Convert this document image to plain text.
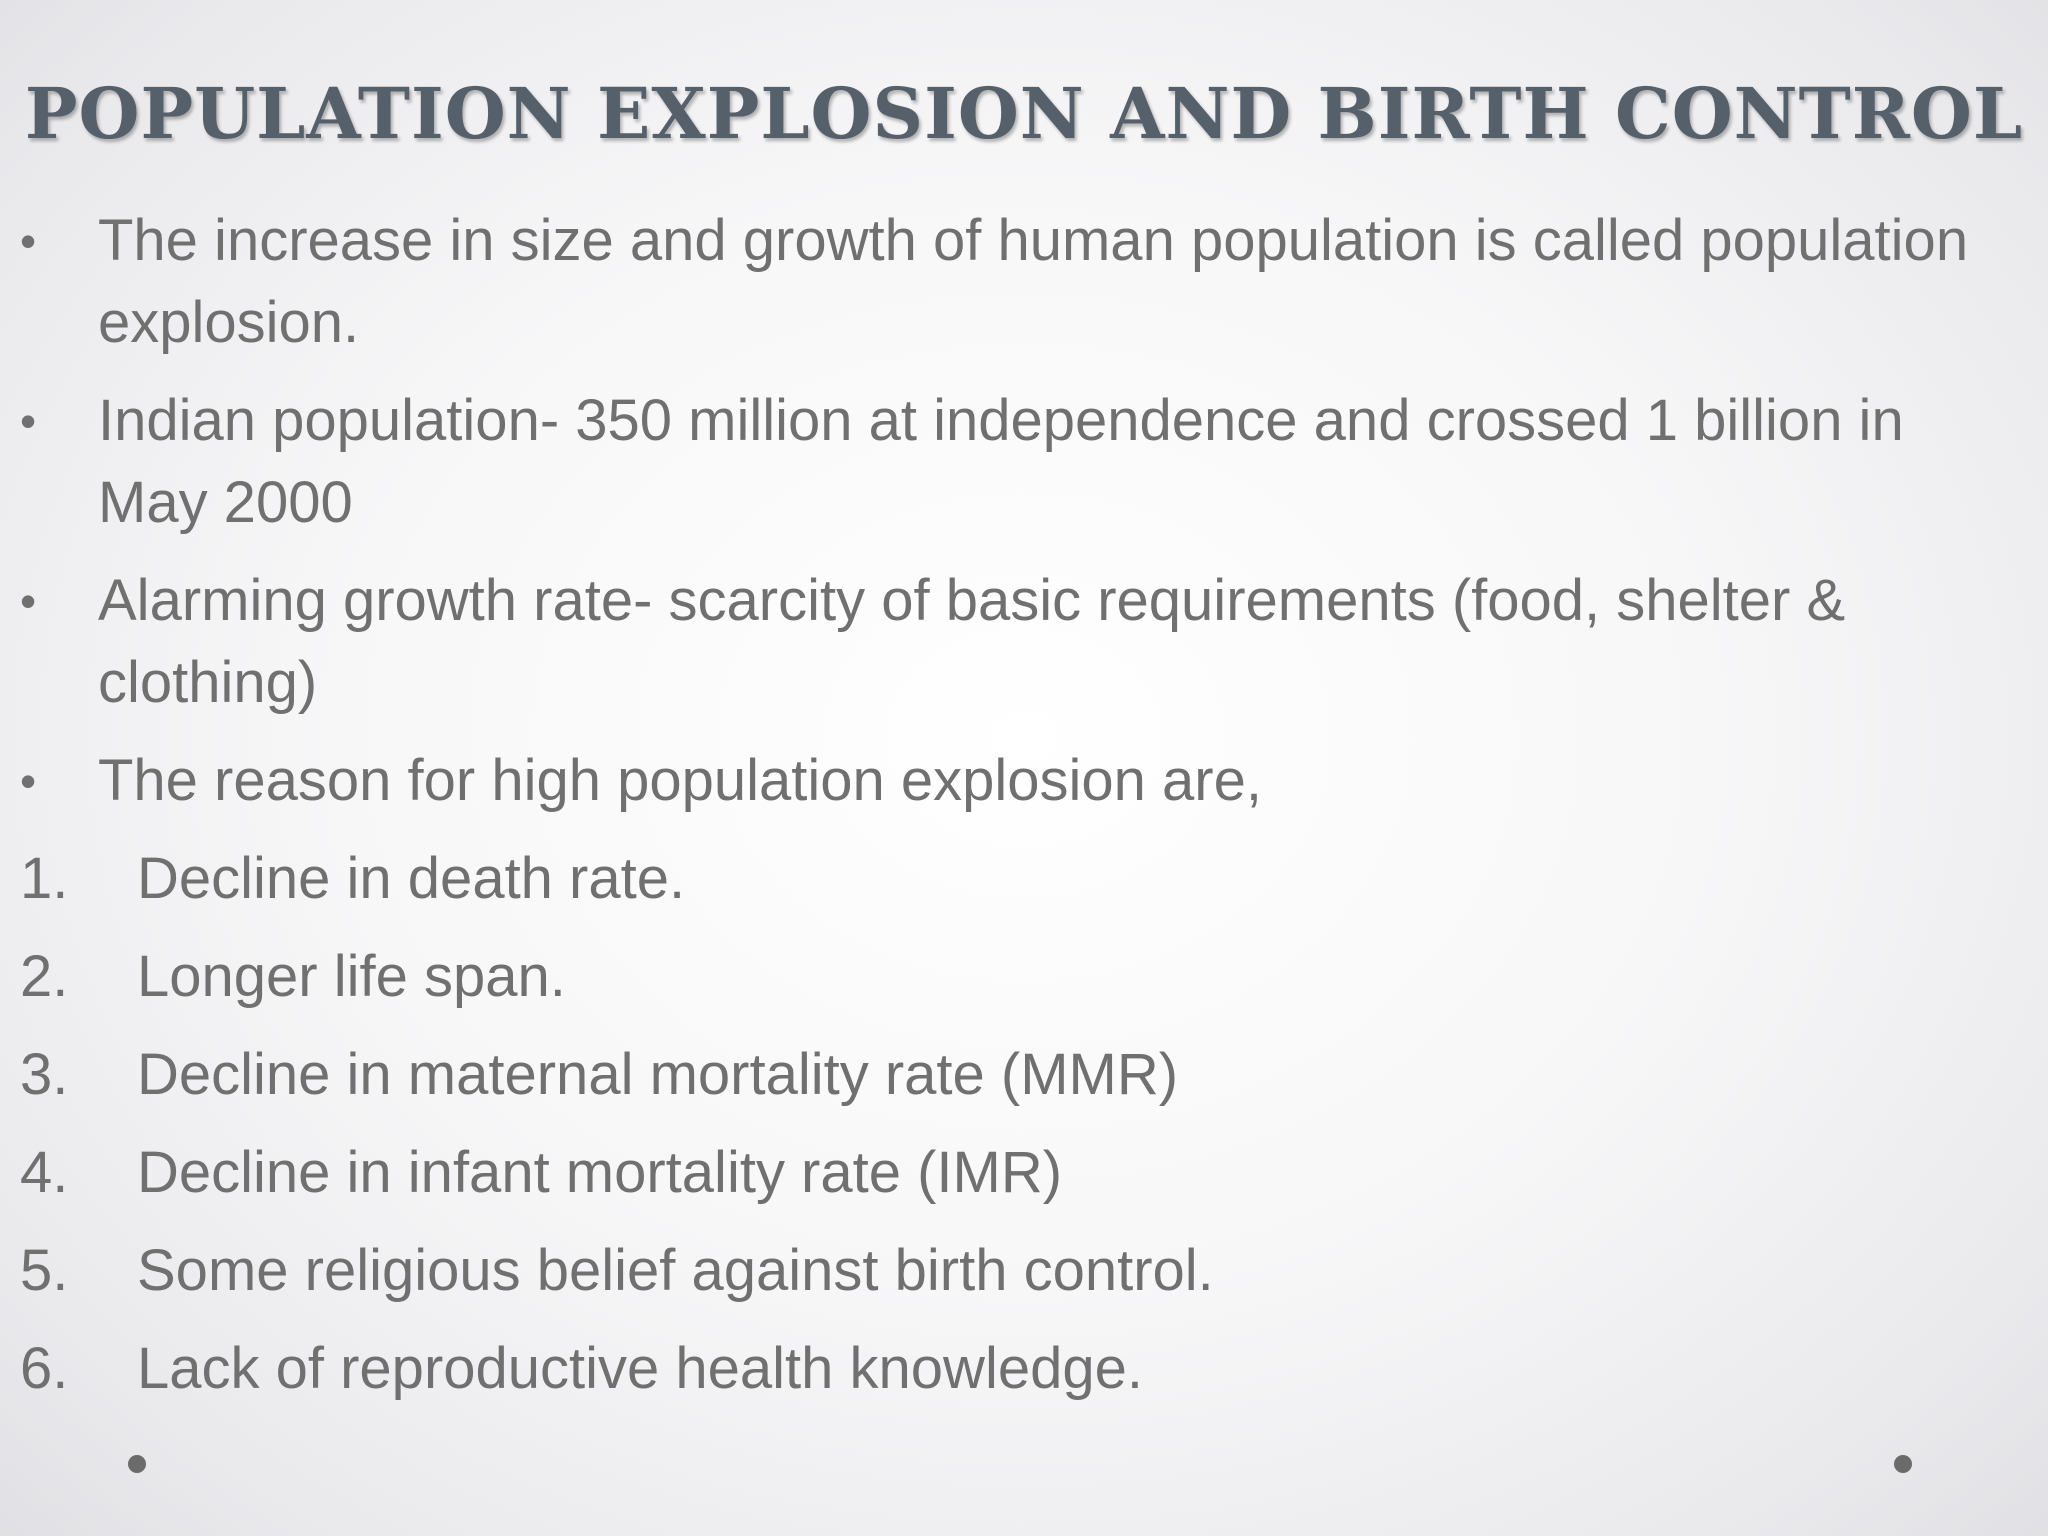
POPULATION EXPLOSION AND BIRTH CONTROL
• The increase in size and growth of human population is called population explosion.
• Indian population- 350 million at independence and crossed 1 billion in May 2000
• Alarming growth rate- scarcity of basic requirements (food, shelter & clothing)
• The reason for high population explosion are,
1. Decline in death rate.
2. Longer life span.
3. Decline in maternal mortality rate (MMR)
4. Decline in infant mortality rate (IMR)
5. Some religious belief against birth control.
6. Lack of reproductive health knowledge.
